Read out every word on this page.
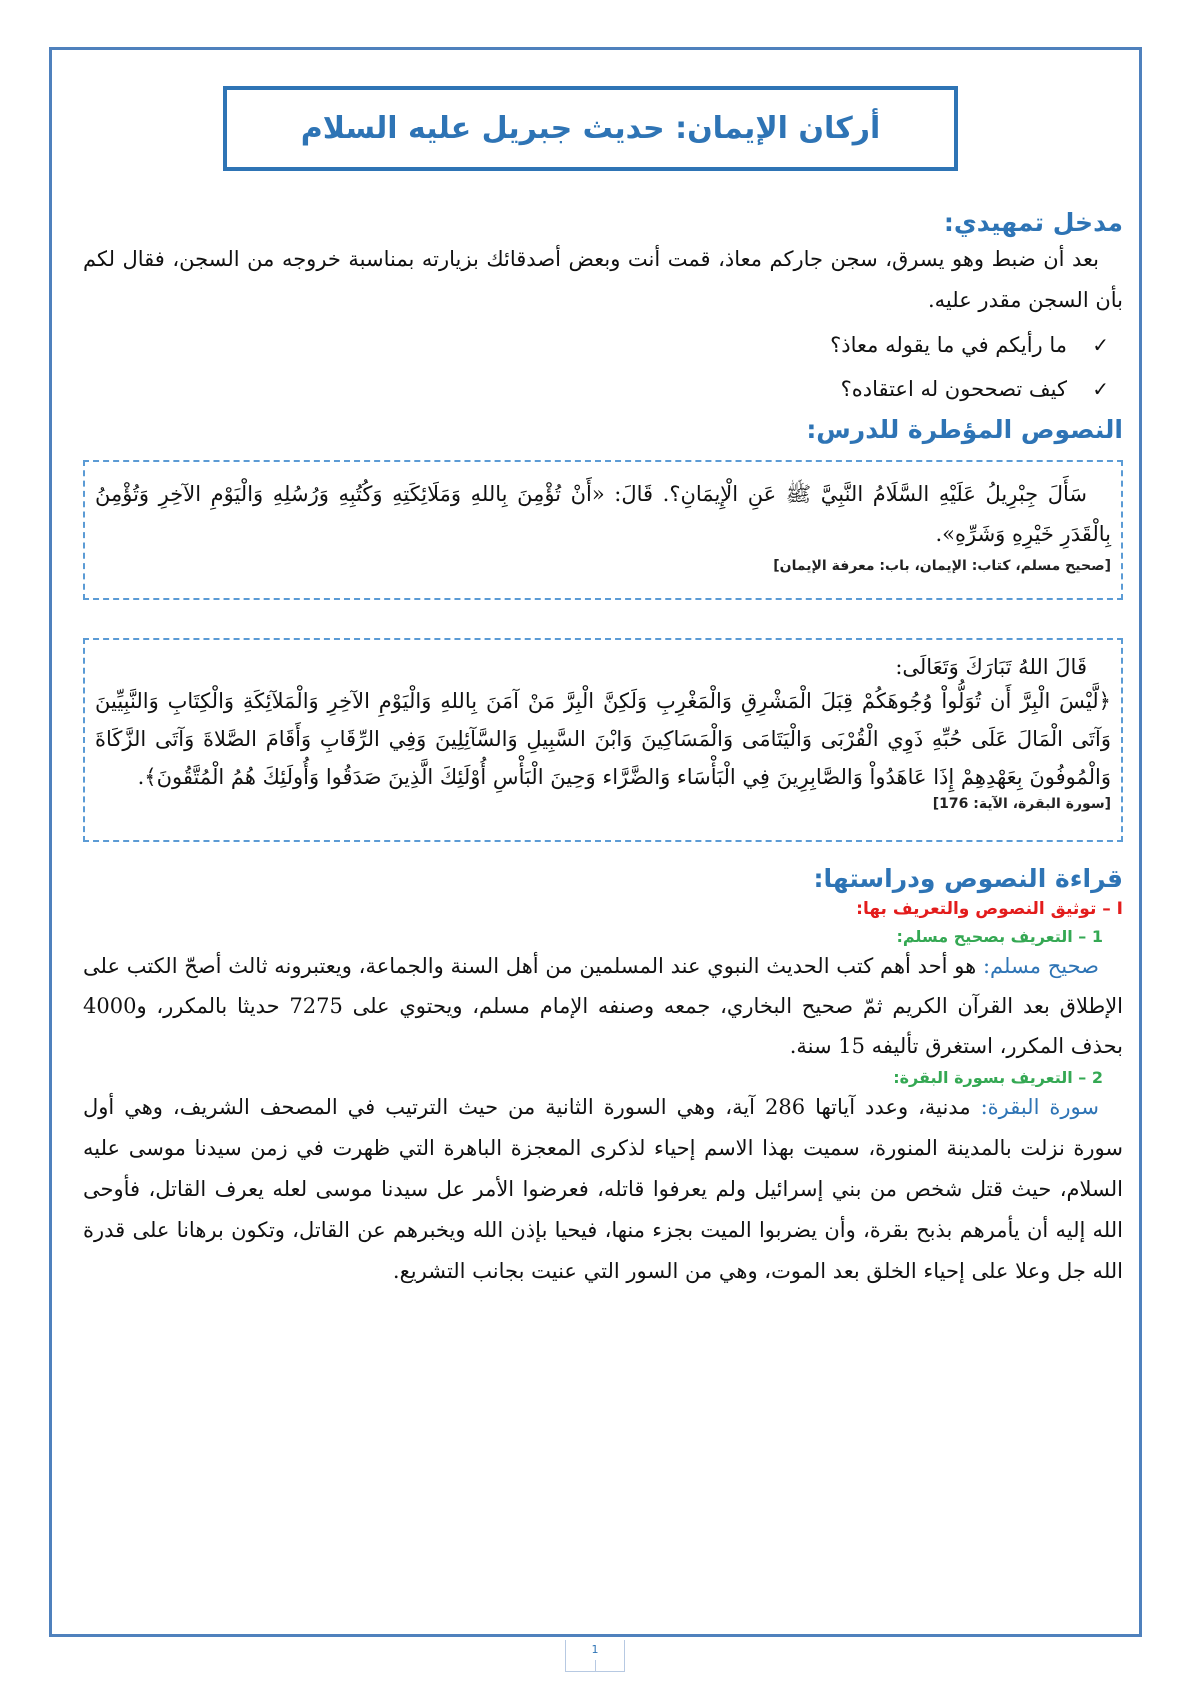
أركان الإيمان: حديث جبريل عليه السلام
مدخل تمهيدي:

بعد أن ضبط وهو يسرق، سجن جاركم معاذ، قمت أنت وبعض أصدقائك بزيارته بمناسبة خروجه من السجن، فقال لكم بأن السجن مقدر عليه.

✓
ما رأيكم في ما يقوله معاذ؟
✓
كيف تصححون له اعتقاده؟
النصوص المؤطرة للدرس:

سَأَلَ جِبْرِيلُ عَلَيْهِ السَّلَامُ النَّبِيَّ ﷺ عَنِ الْإِيمَانِ؟. قَالَ: «أَنْ تُؤْمِنَ بِاللهِ وَمَلَائِكَتِهِ وَكُتُبِهِ وَرُسُلِهِ وَالْيَوْمِ الآخِرِ وَتُؤْمِنُ بِالْقَدَرِ خَيْرِهِ وَشَرِّهِ».

[صحيح مسلم، كتاب: الإيمان، باب: معرفة الإيمان]

قَالَ اللهُ تَبَارَكَ وَتَعَالَى:

﴿لَّيْسَ الْبِرَّ أَن تُوَلُّواْ وُجُوهَكُمْ قِبَلَ الْمَشْرِقِ وَالْمَغْرِبِ وَلَكِنَّ الْبِرَّ مَنْ آمَنَ بِاللهِ وَالْيَوْمِ الآخِرِ وَالْمَلآئِكَةِ وَالْكِتَابِ وَالنَّبِيِّينَ وَآتَى الْمَالَ عَلَى حُبِّهِ ذَوِي الْقُرْبَى وَالْيَتَامَى وَالْمَسَاكِينَ وَابْنَ السَّبِيلِ وَالسَّآئِلِينَ وَفِي الرِّقَابِ وَأَقَامَ الصَّلاةَ وَآتَى الزَّكَاةَ وَالْمُوفُونَ بِعَهْدِهِمْ إِذَا عَاهَدُواْ وَالصَّابِرِينَ فِي الْبَأْسَاء وَالضَّرَّاء وَحِينَ الْبَأْسِ أُوْلَئِكَ الَّذِينَ صَدَقُوا وَأُولَئِكَ هُمُ الْمُتَّقُونَ﴾.

[سورة البقرة، الآية: 176]

قراءة النصوص ودراستها:

I – توثيق النصوص والتعريف بها:

1 – التعريف بصحيح مسلم:

صحيح مسلم: هو أحد أهم كتب الحديث النبوي عند المسلمين من أهل السنة والجماعة، ويعتبرونه ثالث أصحّ الكتب على الإطلاق بعد القرآن الكريم ثمّ صحيح البخاري، جمعه وصنفه الإمام مسلم، ويحتوي على 7275 حديثا بالمكرر، و4000 بحذف المكرر، استغرق تأليفه 15 سنة.

2 – التعريف بسورة البقرة:

سورة البقرة: مدنية، وعدد آياتها 286 آية، وهي السورة الثانية من حيث الترتيب في المصحف الشريف، وهي أول سورة نزلت بالمدينة المنورة، سميت بهذا الاسم إحياء لذكرى المعجزة الباهرة التي ظهرت في زمن سيدنا موسى عليه السلام، حيث قتل شخص من بني إسرائيل ولم يعرفوا قاتله، فعرضوا الأمر عل سيدنا موسى لعله يعرف القاتل، فأوحى الله إليه أن يأمرهم بذبح بقرة، وأن يضربوا الميت بجزء منها، فيحيا بإذن الله ويخبرهم عن القاتل، وتكون برهانا على قدرة الله جل وعلا على إحياء الخلق بعد الموت، وهي من السور التي عنيت بجانب التشريع.

1
